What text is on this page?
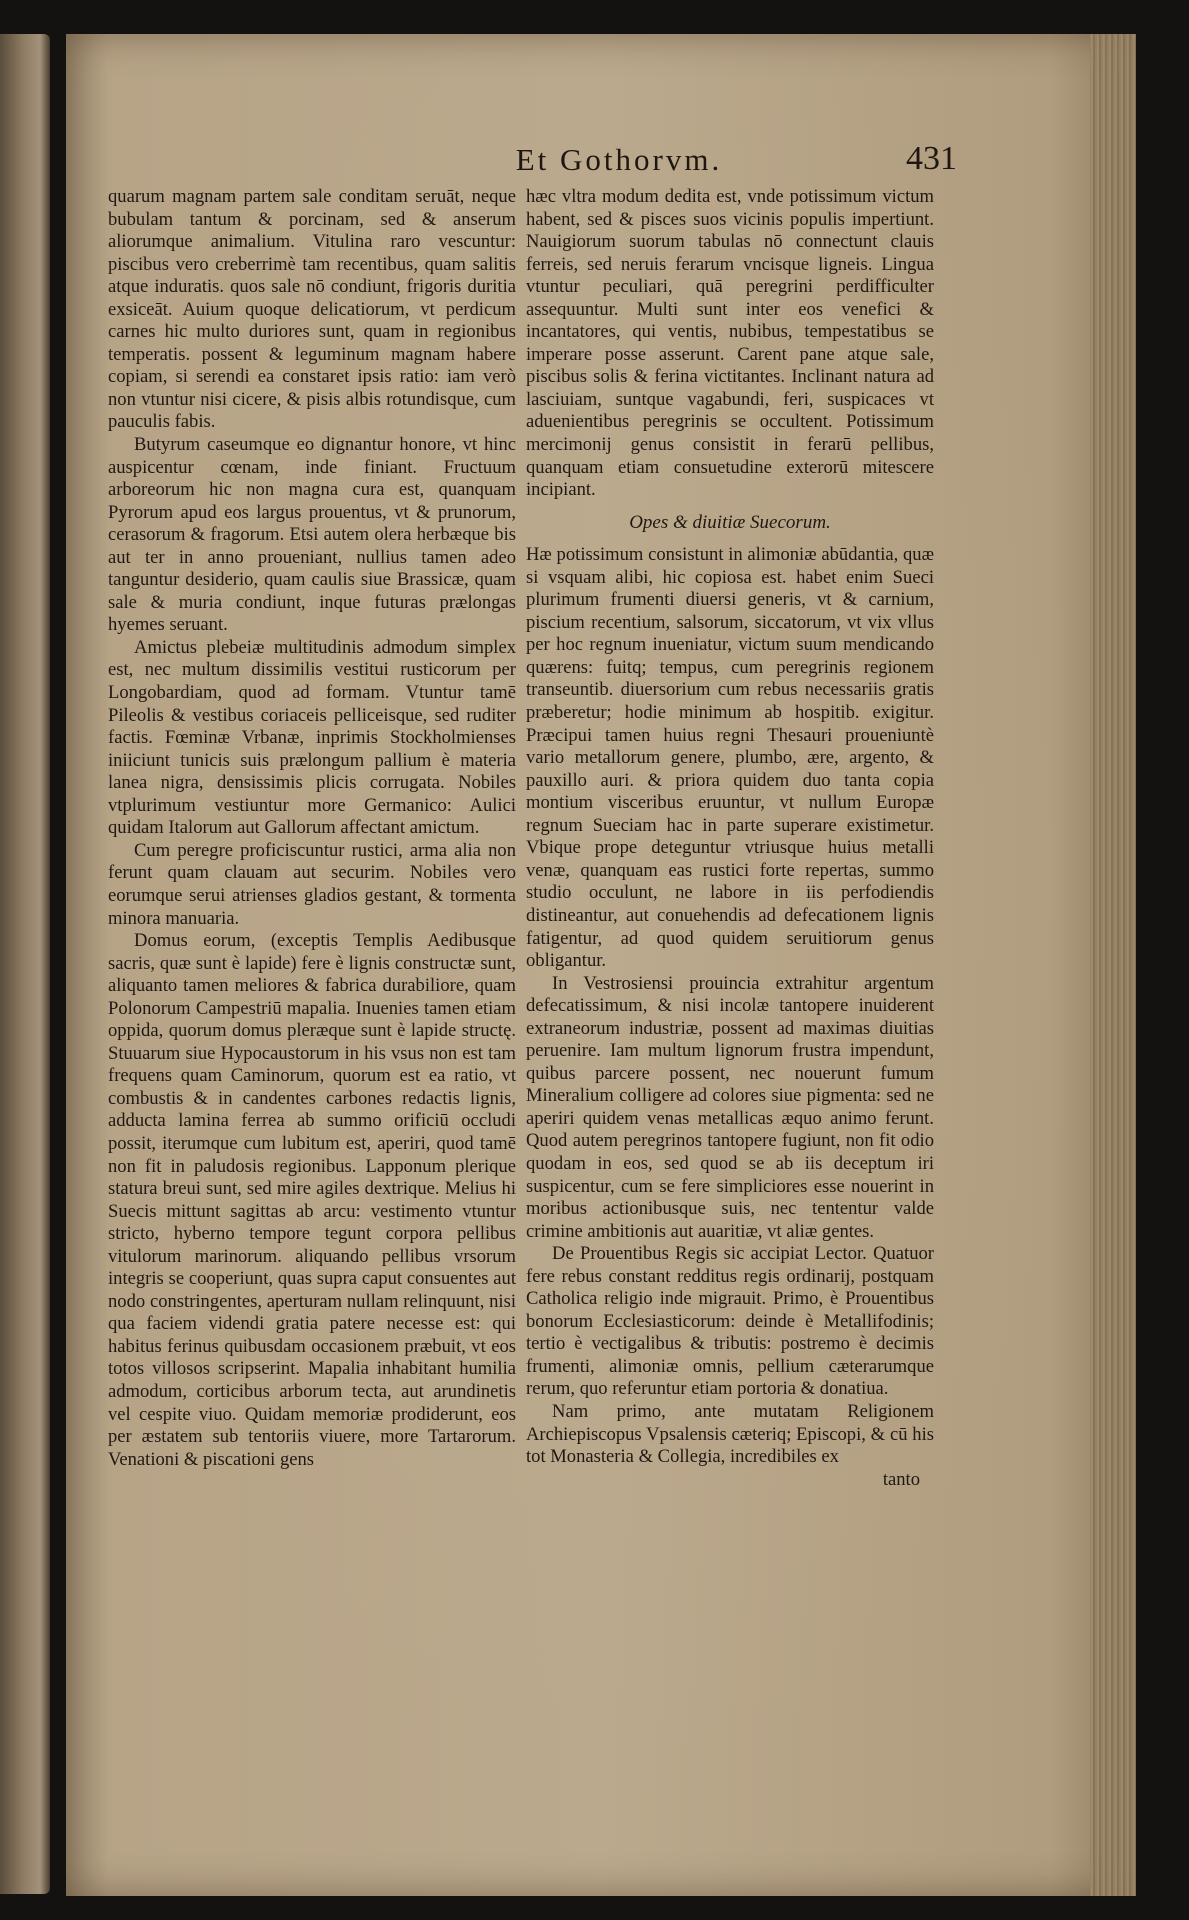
Et Gothorvm.	431

quarum magnam partem sale conditam seruāt, neque bubulam tantum & porcinam, sed & anserum aliorumque animalium. Vitulina raro vescuntur: piscibus vero creberrimè tam recentibus, quam salitis atque induratis. quos sale nō condiunt, frigoris duritia exsiceāt. Auium quoque delicatiorum, vt perdicum carnes hic multo duriores sunt, quam in regionibus temperatis. possent & leguminum magnam habere copiam, si serendi ea constaret ipsis ratio: iam verò non vtuntur nisi cicere, & pisis albis rotundisque, cum pauculis fabis.

Butyrum caseumque eo dignantur honore, vt hinc auspicentur cœnam, inde finiant. Fructuum arboreorum hic non magna cura est, quanquam Pyrorum apud eos largus prouentus, vt & prunorum, cerasorum & fragorum. Etsi autem olera herbæque bis aut ter in anno proueniant, nullius tamen adeo tanguntur desiderio, quam caulis siue Brassicæ, quam sale & muria condiunt, inque futuras prælongas hyemes seruant.

Amictus plebeiæ multitudinis admodum simplex est, nec multum dissimilis vestitui rusticorum per Longobardiam, quod ad formam. Vtuntur tamē Pileolis & vestibus coriaceis pelliceisque, sed ruditer factis. Fœminæ Vrbanæ, inprimis Stockholmienses iniiciunt tunicis suis prælongum pallium è materia lanea nigra, densissimis plicis corrugata. Nobiles vtplurimum vestiuntur more Germanico: Aulici quidam Italorum aut Gallorum affectant amictum.

Cum peregre proficiscuntur rustici, arma alia non ferunt quam clauam aut securim. Nobiles vero eorumque serui atrienses gladios gestant, & tormenta minora manuaria.

Domus eorum, (exceptis Templis Aedibusque sacris, quæ sunt è lapide) fere è lignis constructæ sunt, aliquanto tamen meliores & fabrica durabiliore, quam Polonorum Campestriū mapalia. Inuenies tamen etiam oppida, quorum domus pleræque sunt è lapide structę. Stuuarum siue Hypocaustorum in his vsus non est tam frequens quam Caminorum, quorum est ea ratio, vt combustis & in candentes carbones redactis lignis, adducta lamina ferrea ab summo orificiū occludi possit, iterumque cum lubitum est, aperiri, quod tamē non fit in paludosis regionibus. Lapponum plerique statura breui sunt, sed mire agiles dextrique. Melius hi Suecis mittunt sagittas ab arcu: vestimento vtuntur stricto, hyberno tempore tegunt corpora pellibus vitulorum marinorum. aliquando pellibus vrsorum integris se cooperiunt, quas supra caput consuentes aut nodo constringentes, aperturam nullam relinquunt, nisi qua faciem videndi gratia patere necesse est: qui habitus ferinus quibusdam occasionem præbuit, vt eos totos villosos scripserint. Mapalia inhabitant humilia admodum, corticibus arborum tecta, aut arundinetis vel cespite viuo. Quidam memoriæ prodiderunt, eos per æstatem sub tentoriis viuere, more Tartarorum. Venationi & piscationi gens

hæc vltra modum dedita est, vnde potissimum victum habent, sed & pisces suos vicinis populis impertiunt. Nauigiorum suorum tabulas nō connectunt clauis ferreis, sed neruis ferarum vncisque ligneis. Lingua vtuntur peculiari, quā peregrini perdifficulter assequuntur. Multi sunt inter eos venefici & incantatores, qui ventis, nubibus, tempestatibus se imperare posse asserunt. Carent pane atque sale, piscibus solis & ferina victitantes. Inclinant natura ad lasciuiam, suntque vagabundi, feri, suspicaces vt aduenientibus peregrinis se occultent. Potissimum mercimonij genus consistit in ferarū pellibus, quanquam etiam consuetudine exterorū mitescere incipiant.

Opes & diuitiæ Suecorum.

Hæ potissimum consistunt in alimoniæ abūdantia, quæ si vsquam alibi, hic copiosa est. habet enim Sueci plurimum frumenti diuersi generis, vt & carnium, piscium recentium, salsorum, siccatorum, vt vix vllus per hoc regnum inueniatur, victum suum mendicando quærens: fuitq; tempus, cum peregrinis regionem transeuntib. diuersorium cum rebus necessariis gratis præberetur; hodie minimum ab hospitib. exigitur. Præcipui tamen huius regni Thesauri proueniuntè vario metallorum genere, plumbo, ære, argento, & pauxillo auri. & priora quidem duo tanta copia montium visceribus eruuntur, vt nullum Europæ regnum Sueciam hac in parte superare existimetur. Vbique prope deteguntur vtriusque huius metalli venæ, quanquam eas rustici forte repertas, summo studio occulunt, ne labore in iis perfodiendis distineantur, aut conuehendis ad defecationem lignis fatigentur, ad quod quidem seruitiorum genus obligantur.

In Vestrosiensi prouincia extrahitur argentum defecatissimum, & nisi incolæ tantopere inuiderent extraneorum industriæ, possent ad maximas diuitias peruenire. Iam multum lignorum frustra impendunt, quibus parcere possent, nec nouerunt fumum Mineralium colligere ad colores siue pigmenta: sed ne aperiri quidem venas metallicas æquo animo ferunt. Quod autem peregrinos tantopere fugiunt, non fit odio quodam in eos, sed quod se ab iis deceptum iri suspicentur, cum se fere simpliciores esse nouerint in moribus actionibusque suis, nec tententur valde crimine ambitionis aut auaritiæ, vt aliæ gentes.

De Prouentibus Regis sic accipiat Lector. Quatuor fere rebus constant redditus regis ordinarij, postquam Catholica religio inde migrauit. Primo, è Prouentibus bonorum Ecclesiasticorum: deinde è Metallifodinis; tertio è vectigalibus & tributis: postremo è decimis frumenti, alimoniæ omnis, pellium cæterarumque rerum, quo referuntur etiam portoria & donatiua.

Nam primo, ante mutatam Religionem Archiepiscopus Vpsalensis cæteriq; Episcopi, & cū his tot Monasteria & Collegia, incredibiles ex

tanto
